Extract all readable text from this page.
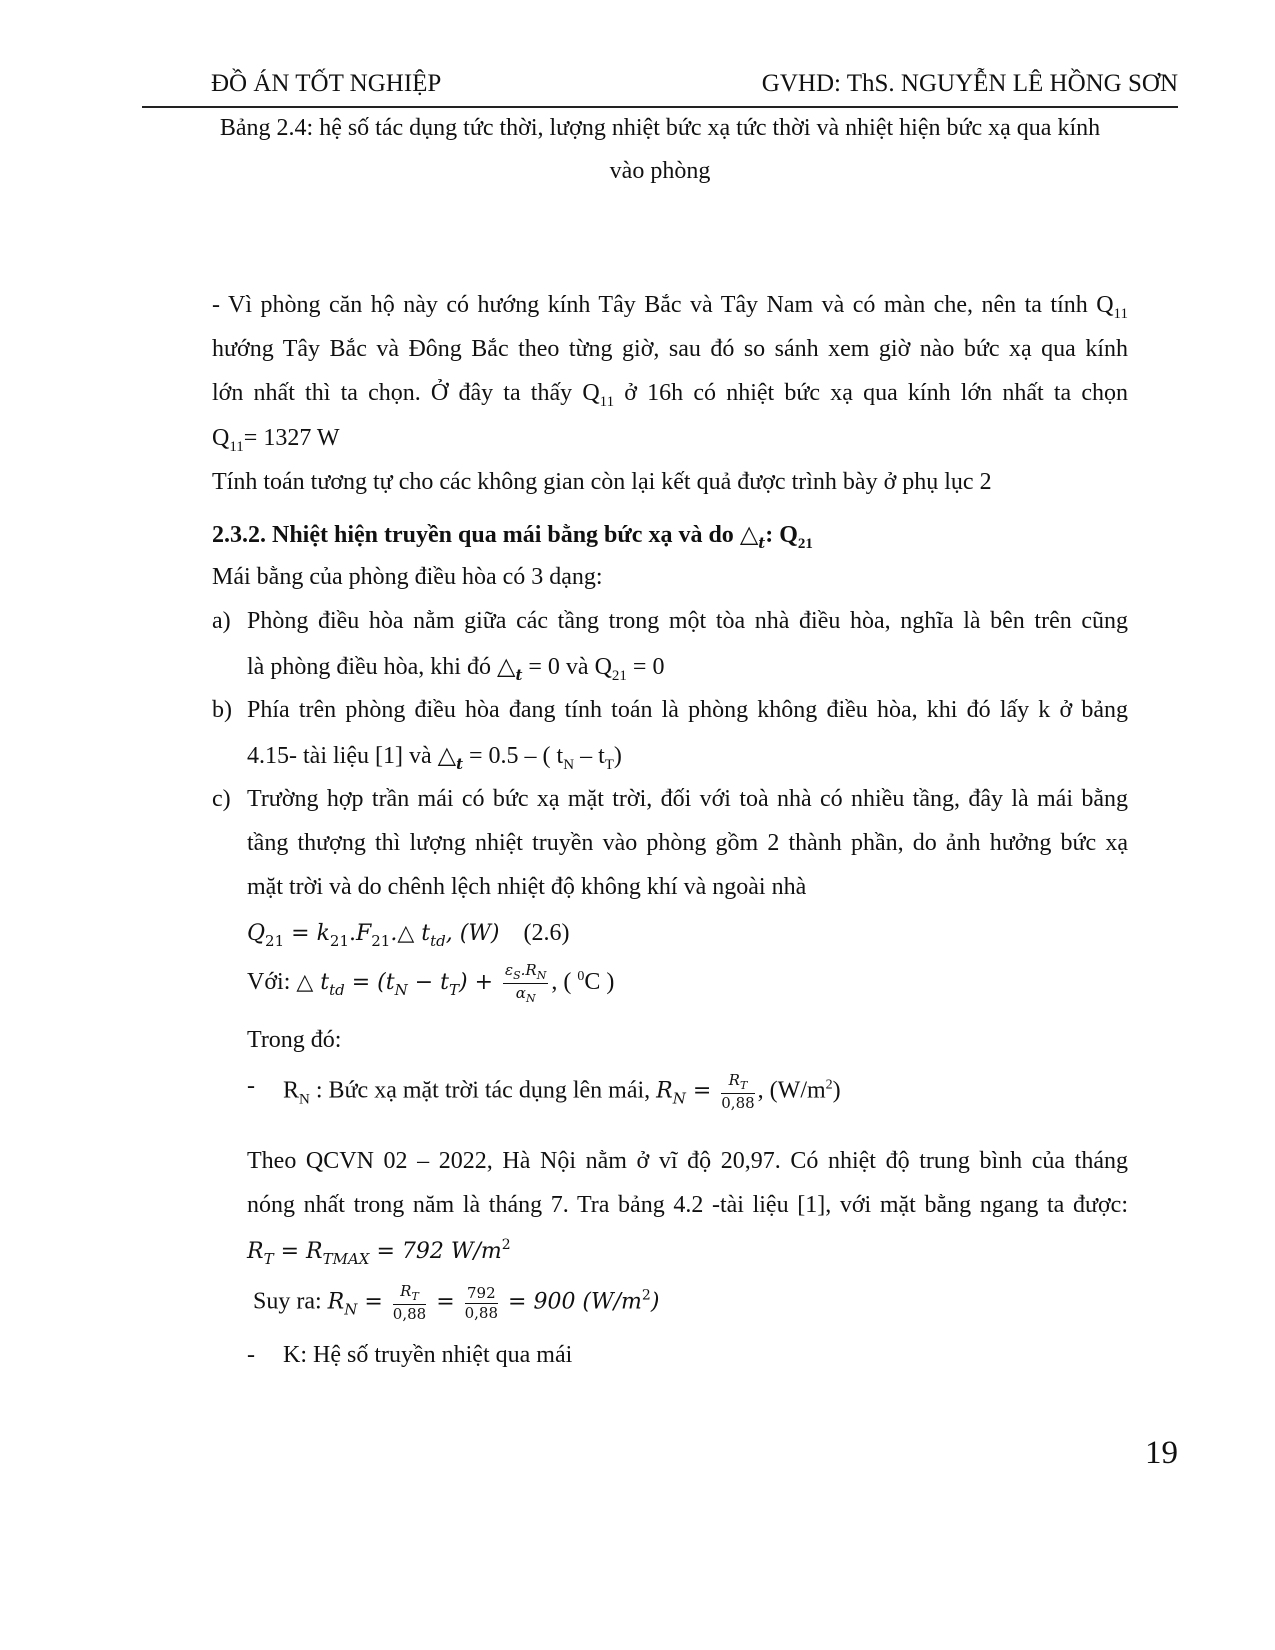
ĐỒ ÁN TỐT NGHIỆP	GVHD: ThS. NGUYỄN LÊ HỒNG SƠN
Bảng 2.4: hệ số tác dụng tức thời, lượng nhiệt bức xạ tức thời và nhiệt hiện bức xạ qua kính
vào phòng
- Vì phòng căn hộ này có hướng kính Tây Bắc và Tây Nam và có màn che, nên ta tính $Q_{11}$
hướng Tây Bắc và Đông Bắc theo từng giờ, sau đó so sánh xem giờ nào bức xạ qua kính
lớn nhất thì ta chọn. Ở đây ta thấy $Q_{11}$ ở 16h có nhiệt bức xạ qua kính lớn nhất ta chọn
$Q_{11}= 1327$ W
Tính toán tương tự cho các không gian còn lại kết quả được trình bày ở phụ lục 2
2.3.2. Nhiệt hiện truyền qua mái bằng bức xạ và do $\triangle_t$: $Q_{21}$
Mái bằng của phòng điều hòa có 3 dạng:
a) Phòng điều hòa nằm giữa các tầng trong một tòa nhà điều hòa, nghĩa là bên trên cũng
là phòng điều hòa, khi đó $\triangle_t = 0$ và $Q_{21} = 0$
b) Phía trên phòng điều hòa đang tính toán là phòng không điều hòa, khi đó lấy k ở bảng
4.15- tài liệu [1] và $\triangle_t = 0.5$ – ( $t_N - t_T$)
c) Trường hợp trần mái có bức xạ mặt trời, đối với toà nhà có nhiều tầng, đây là mái bằng
tầng thượng thì lượng nhiệt truyền vào phòng gồm 2 thành phần, do ảnh hưởng bức xạ
mặt trời và do chênh lệch nhiệt độ không khí và ngoài nhà
$Q_{21}$ = $k_{21}.F_{21}.\triangle$ $t_{td}$, (W) (2.6)
Với: △ $t_{td} = (t_N - t_T) + \frac{\varepsilon_S.R_N}{\alpha_N}$ , ( $^0$C )
Trong đó:
- $R_N$ : Bức xạ mặt trời tác dụng lên mái, $R_N = \frac{R_T}{0,88}$ , $(W/m^2)$
Theo QCVN 02 – 2022, Hà Nội nằm ở vĩ độ 20,97. Có nhiệt độ trung bình của tháng
nóng nhất trong năm là tháng 7. Tra bảng 4.2 -tài liệu [1], với mặt bằng ngang ta được:
$R_T = R_{TMAX} = 792$ $W/m^2$
Suy ra: $R_N = \frac{R_T}{0,88} = \frac{792}{0,88} = 900$ $(W/m^2)$
- K: Hệ số truyền nhiệt qua mái
19
